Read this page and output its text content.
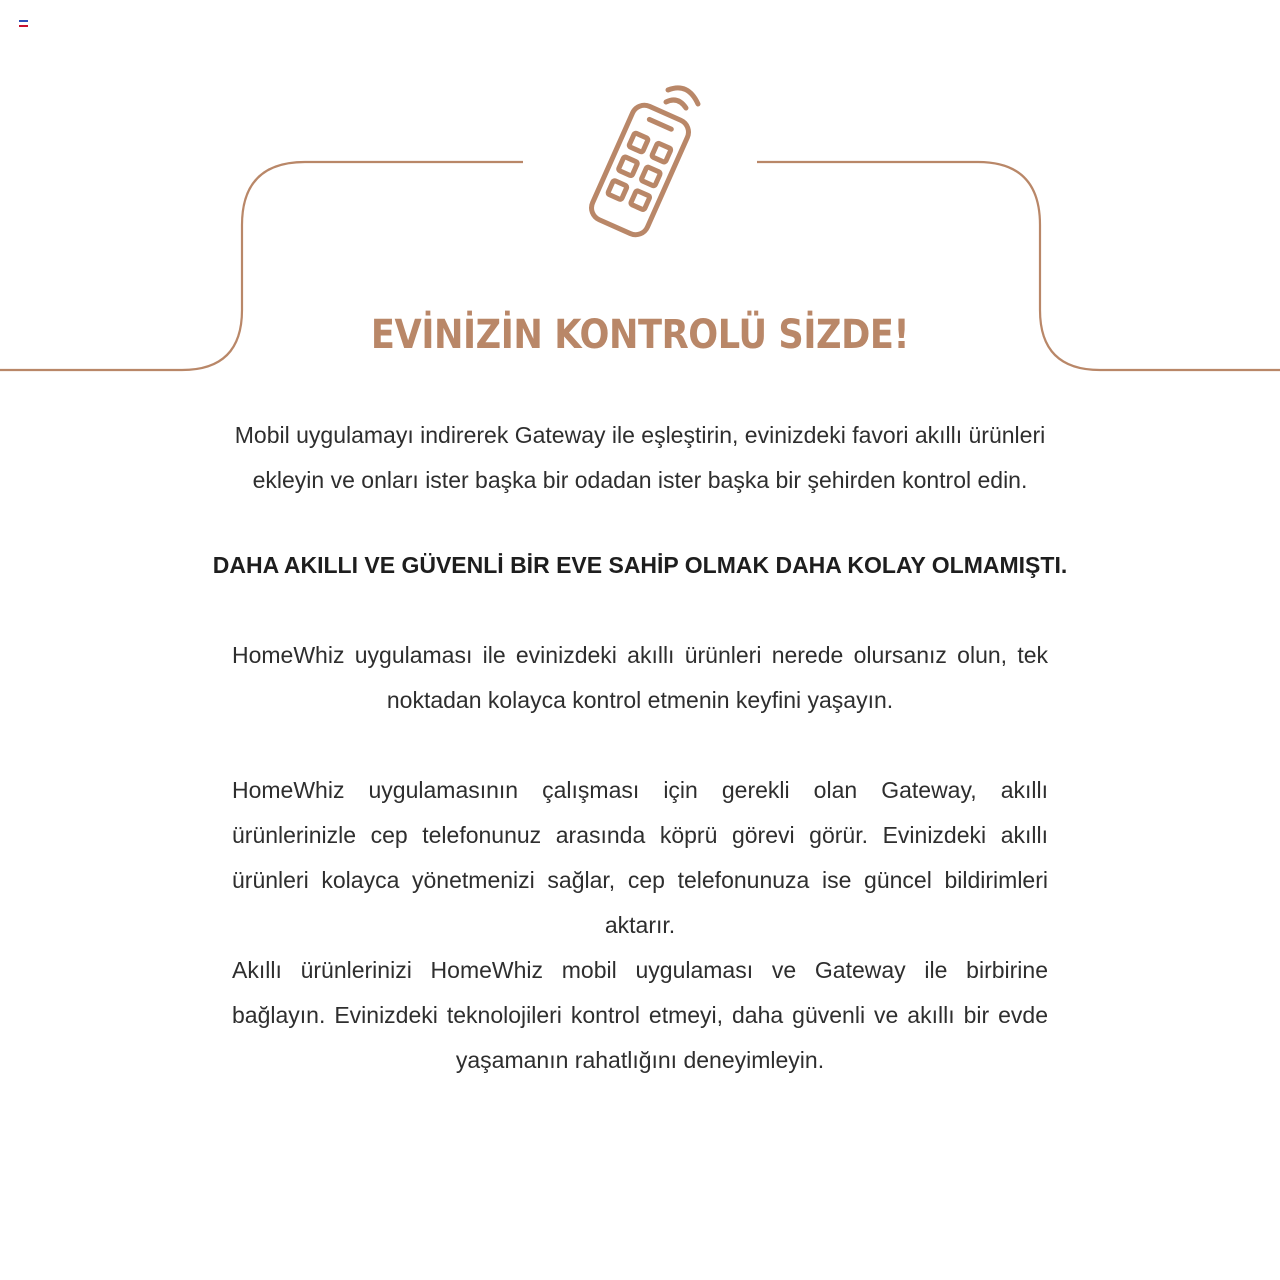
EVİNİZİN KONTROLÜ SİZDE!

Mobil uygulamayı indirerek Gateway ile eşleştirin, evinizdeki favori akıllı ürünleri ekleyin ve onları ister başka bir odadan ister başka bir şehirden kontrol edin.

DAHA AKILLI VE GÜVENLİ BİR EVE SAHİP OLMAK DAHA KOLAY OLMAMIŞTI.

HomeWhiz uygulaması ile evinizdeki akıllı ürünleri nerede olursanız olun, tek noktadan kolayca kontrol etmenin keyfini yaşayın.

HomeWhiz uygulamasının çalışması için gerekli olan Gateway, akıllı ürünlerinizle cep telefonunuz arasında köprü görevi görür. Evinizdeki akıllı ürünleri kolayca yönetmenizi sağlar, cep telefonunuza ise güncel bildirimleri aktarır.

Akıllı ürünlerinizi HomeWhiz mobil uygulaması ve Gateway ile birbirine bağlayın. Evinizdeki teknolojileri kontrol etmeyi, daha güvenli ve akıllı bir evde yaşamanın rahatlığını deneyimleyin.
